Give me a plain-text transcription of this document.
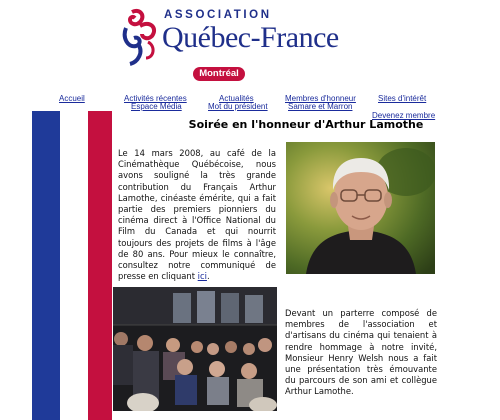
ASSOCIATION
Québec-France
Montréal
Accueil	Activités récentes	Actualités	Membres d'honneur	Sites d'intérêt
Espace Média	Mot du président	Samare et Marron
Devenez membre
Soirée en l'honneur d'Arthur Lamothe
Le 14 mars 2008, au café de la Cinémathèque Québécoise, nous avons souligné la très grande contribution du Français Arthur Lamothe, cinéaste émérite, qui a fait partie des premiers pionniers du cinéma direct à l'Office National du Film du Canada et qui nourrit toujours des projets de films à l'âge de 80 ans. Pour mieux le connaître, consultez notre communiqué de presse en cliquant ici.
Devant un parterre composé de membres de l'association et d'artisans du cinéma qui tenaient à rendre hommage à notre invité, Monsieur Henry Welsh nous a fait une présentation très émouvante du parcours de son ami et collègue Arthur Lamothe.
